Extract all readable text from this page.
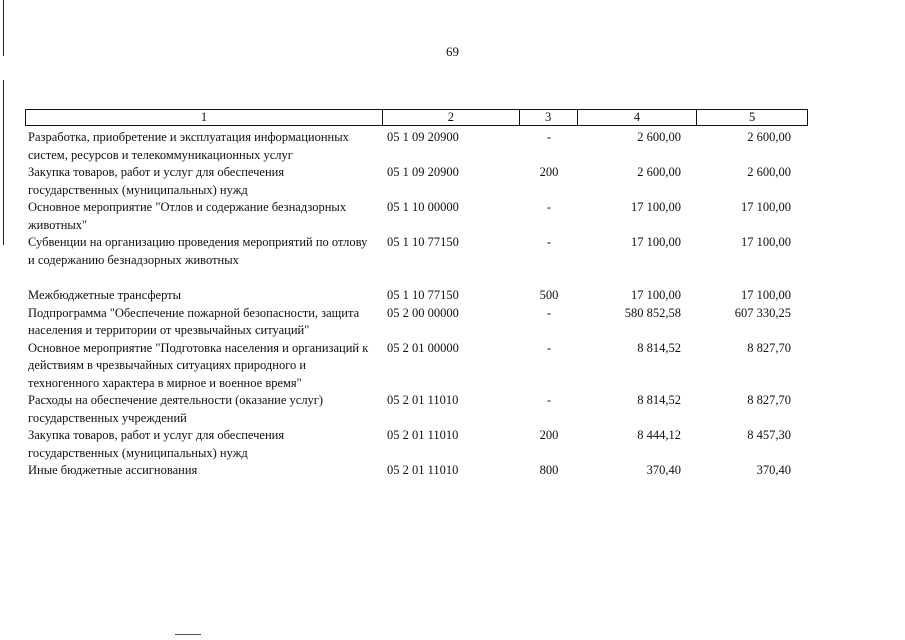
69
1	2	3	4	5
Разработка, приобретение и эксплуатация информационных систем, ресурсов и телекоммуникационных услуг
05 1 09 20900	-	2 600,00	2 600,00
Закупка товаров, работ и услуг для обеспечения государственных (муниципальных) нужд
05 1 09 20900	200	2 600,00	2 600,00
Основное мероприятие "Отлов и содержание безнадзорных животных"
05 1 10 00000	-	17 100,00	17 100,00
Субвенции на организацию проведения мероприятий по отлову и содержанию безнадзорных животных
05 1 10 77150	-	17 100,00	17 100,00
Межбюджетные трансферты	05 1 10 77150	500	17 100,00	17 100,00
Подпрограмма "Обеспечение пожарной безопасности, защита населения и территории от чрезвычайных ситуаций"
05 2 00 00000	-	580 852,58	607 330,25
Основное мероприятие "Подготовка населения и организаций к действиям в чрезвычайных ситуациях природного и техногенного характера в мирное и военное время"
05 2 01 00000	-	8 814,52	8 827,70
Расходы на обеспечение деятельности (оказание услуг) государственных учреждений
05 2 01 11010	-	8 814,52	8 827,70
Закупка товаров, работ и услуг для обеспечения государственных (муниципальных) нужд
05 2 01 11010	200	8 444,12	8 457,30
Иные бюджетные ассигнования	05 2 01 11010	800	370,40	370,40
